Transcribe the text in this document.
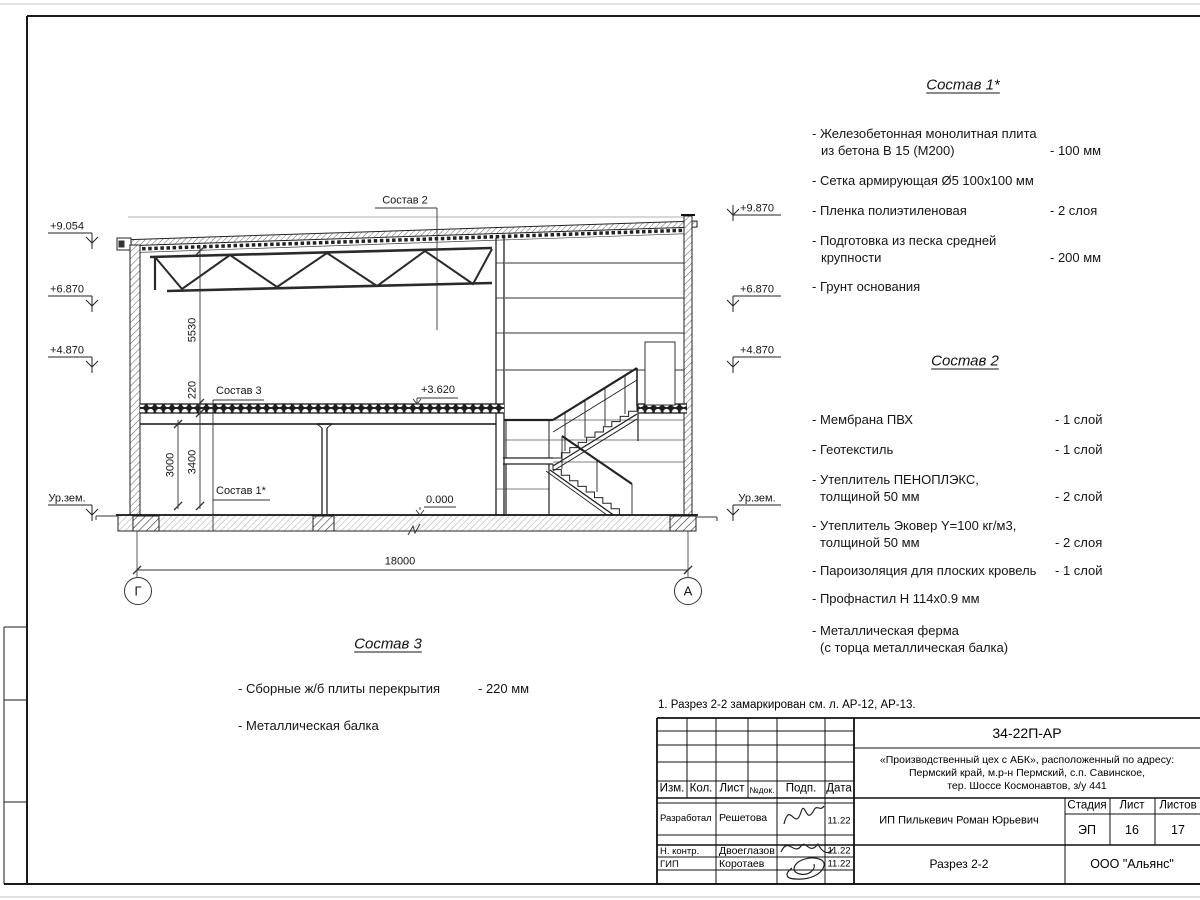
+9.054
+6.870
+4.870
Ур.зем.
+9.870
+6.870
+4.870
Ур.зем.
5530
220
3000 3400
18000
Состав 2
Состав 3
Состав 1*
+3.620
0.000
Г	А
Состав 1*
- Железобетонная монолитная плита
из бетона В 15 (М200)	- 100 мм
- Сетка армирующая Ø5 100х100 мм
- Пленка полиэтиленовая	- 2 слоя
- Подготовка из песка средней
крупности	- 200 мм
- Грунт основания
Состав 2
- Мембрана ПВХ	- 1 слой
- Геотекстиль	- 1 слой
- Утеплитель ПЕНОПЛЭКС,
толщиной 50 мм	- 2 слой
- Утеплитель Эковер Y=100 кг/м3,
толщиной 50 мм	- 2 слоя
- Пароизоляция для плоских кровель - 1 слой
- Профнастил Н 114х0.9 мм
- Металлическая ферма
(с торца металлическая балка)
Состав 3
- Сборные ж/б плиты перекрытия	- 220 мм
- Металлическая балка
1. Разрез 2-2 замаркирован см. л. АР-12, АР-13.
Изм. Кол. Лист №док. Подп. Дата
Разработал Решетова	11.22
Н. контр. Двоеглазов	11.22
ГИП	Коротаев	11.22
34-22П-АР
«Производственный цех с АБК», расположенный по адресу:
Пермский край, м.р-н Пермский, с.п. Савинское,
тер. Шоссе Космонавтов, з/у 441
ИП Пилькевич Роман Юрьевич
Стадия Лист Листов
ЭП 16	17
Разрез 2-2	ООО "Альянс"
